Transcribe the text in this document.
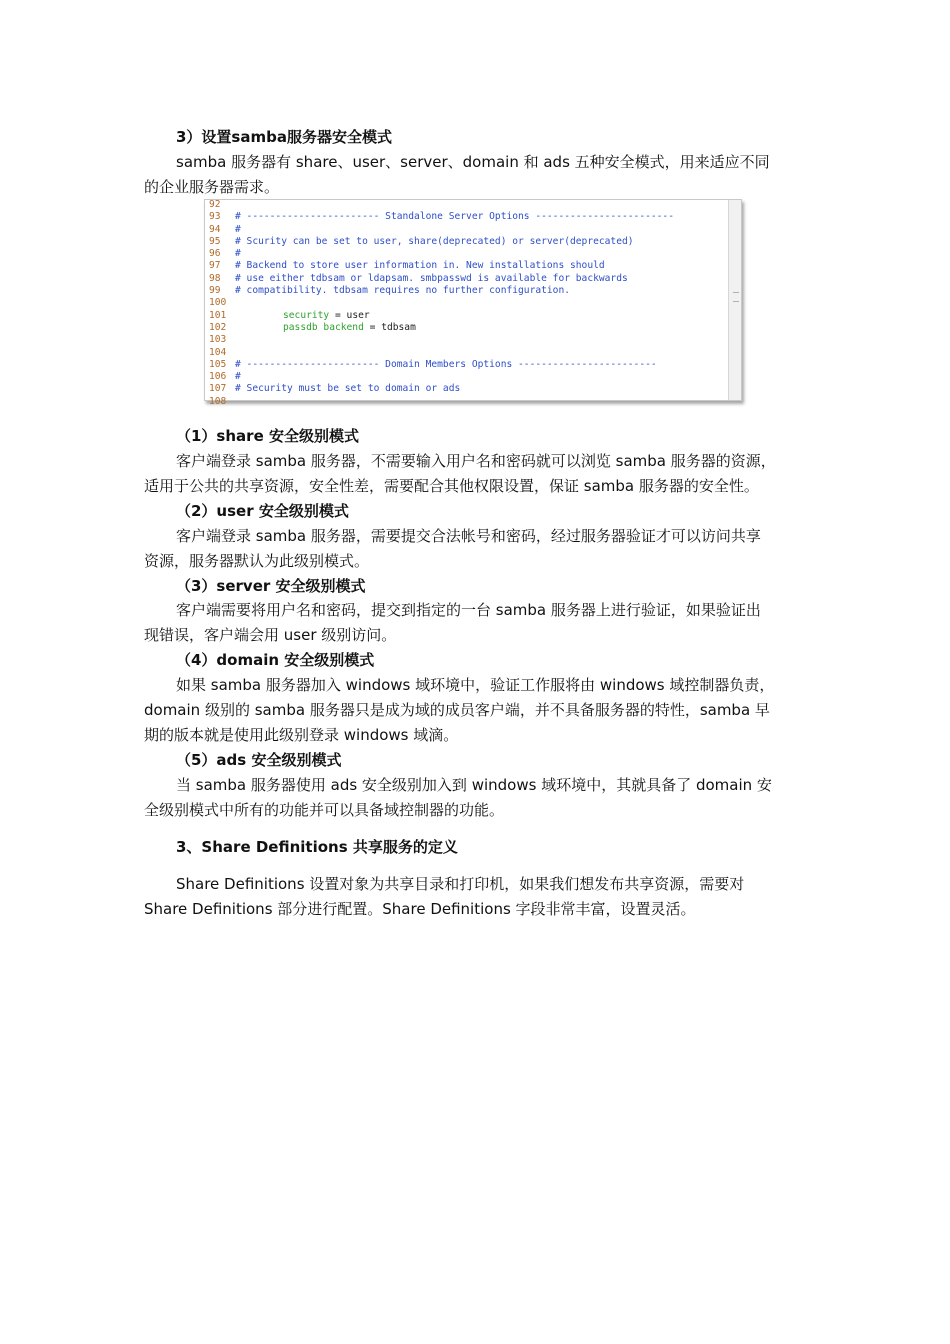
3）设置samba服务器安全模式
samba 服务器有 share、user、server、domain 和 ads 五种安全模式，用来适应不同
的企业服务器需求。
92
93 # ----------------------- Standalone Server Options ------------------------
94 #
95 # Scurity can be set to user, share(deprecated) or server(deprecated)
96 #
97 # Backend to store user information in. New installations should
98 # use either tdbsam or ldapsam. smbpasswd is available for backwards
99 # compatibility. tdbsam requires no further configuration.
100
101	security = user
102	passdb backend = tdbsam
103
104
105 # ----------------------- Domain Members Options ------------------------
106 #
107 # Security must be set to domain or ads
108
（1）share 安全级别模式
客户端登录 samba 服务器，不需要输入用户名和密码就可以浏览 samba 服务器的资源，
适用于公共的共享资源，安全性差，需要配合其他权限设置，保证 samba 服务器的安全性。
（2）user 安全级别模式
客户端登录 samba 服务器，需要提交合法帐号和密码，经过服务器验证才可以访问共享
资源，服务器默认为此级别模式。
（3）server 安全级别模式
客户端需要将用户名和密码，提交到指定的一台 samba 服务器上进行验证，如果验证出
现错误，客户端会用 user 级别访问。
（4）domain 安全级别模式
如果 samba 服务器加入 windows 域环境中，验证工作服将由 windows 域控制器负责，
domain 级别的 samba 服务器只是成为域的成员客户端，并不具备服务器的特性，samba 早
期的版本就是使用此级别登录 windows 域滴。
（5）ads 安全级别模式
当 samba 服务器使用 ads 安全级别加入到 windows 域环境中，其就具备了 domain 安
全级别模式中所有的功能并可以具备域控制器的功能。
3、Share Definitions 共享服务的定义
Share Definitions 设置对象为共享目录和打印机，如果我们想发布共享资源，需要对
Share Definitions 部分进行配置。Share Definitions 字段非常丰富，设置灵活。
